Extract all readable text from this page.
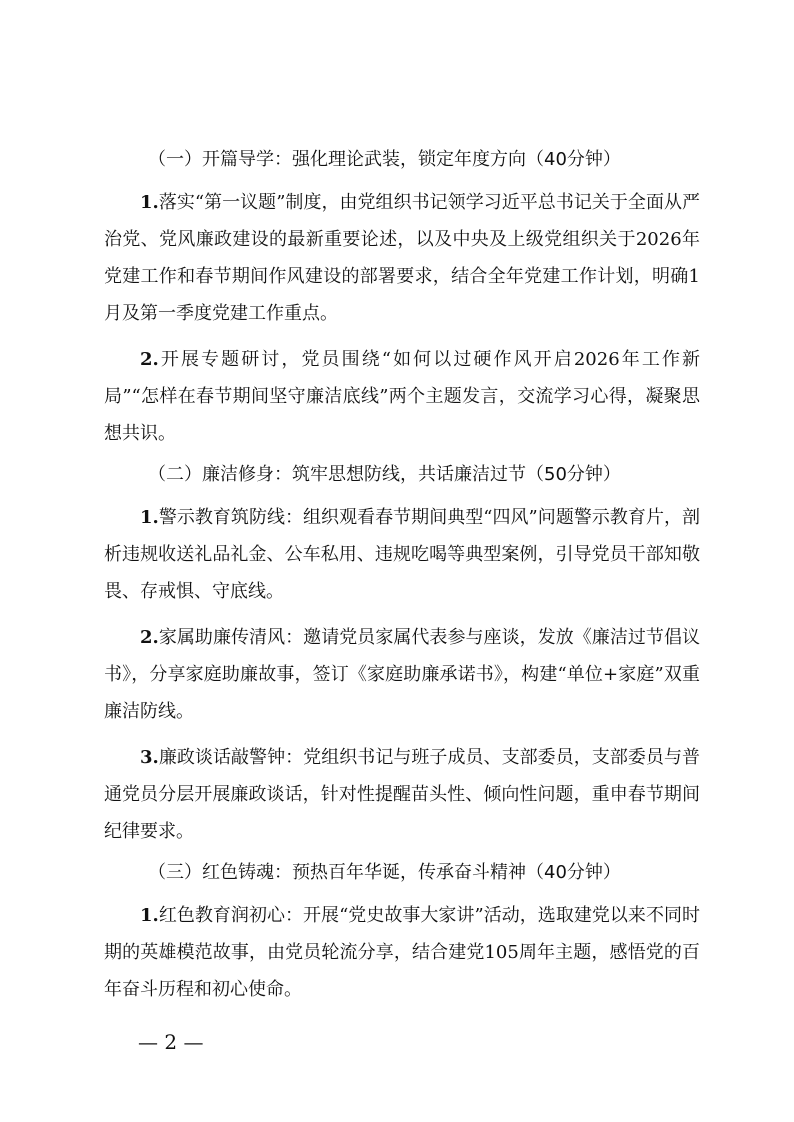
（一）开篇导学：强化理论武装，锁定年度方向（40分钟）

1.落实“第一议题”制度，由党组织书记领学习近平总书记关于全面从严治党、党风廉政建设的最新重要论述，以及中央及上级党组织关于2026年党建工作和春节期间作风建设的部署要求，结合全年党建工作计划，明确1月及第一季度党建工作重点。

2.开展专题研讨，党员围绕“如何以过硬作风开启2026年工作新局”“怎样在春节期间坚守廉洁底线”两个主题发言，交流学习心得，凝聚思想共识。

（二）廉洁修身：筑牢思想防线，共话廉洁过节（50分钟）

1.警示教育筑防线：组织观看春节期间典型“四风”问题警示教育片，剖析违规收送礼品礼金、公车私用、违规吃喝等典型案例，引导党员干部知敬畏、存戒惧、守底线。

2.家属助廉传清风：邀请党员家属代表参与座谈，发放《廉洁过节倡议书》，分享家庭助廉故事，签订《家庭助廉承诺书》，构建“单位+家庭”双重廉洁防线。

3.廉政谈话敲警钟：党组织书记与班子成员、支部委员，支部委员与普通党员分层开展廉政谈话，针对性提醒苗头性、倾向性问题，重申春节期间纪律要求。

（三）红色铸魂：预热百年华诞，传承奋斗精神（40分钟）

1.红色教育润初心：开展“党史故事大家讲”活动，选取建党以来不同时期的英雄模范故事，由党员轮流分享，结合建党105周年主题，感悟党的百年奋斗历程和初心使命。

— 2 —
